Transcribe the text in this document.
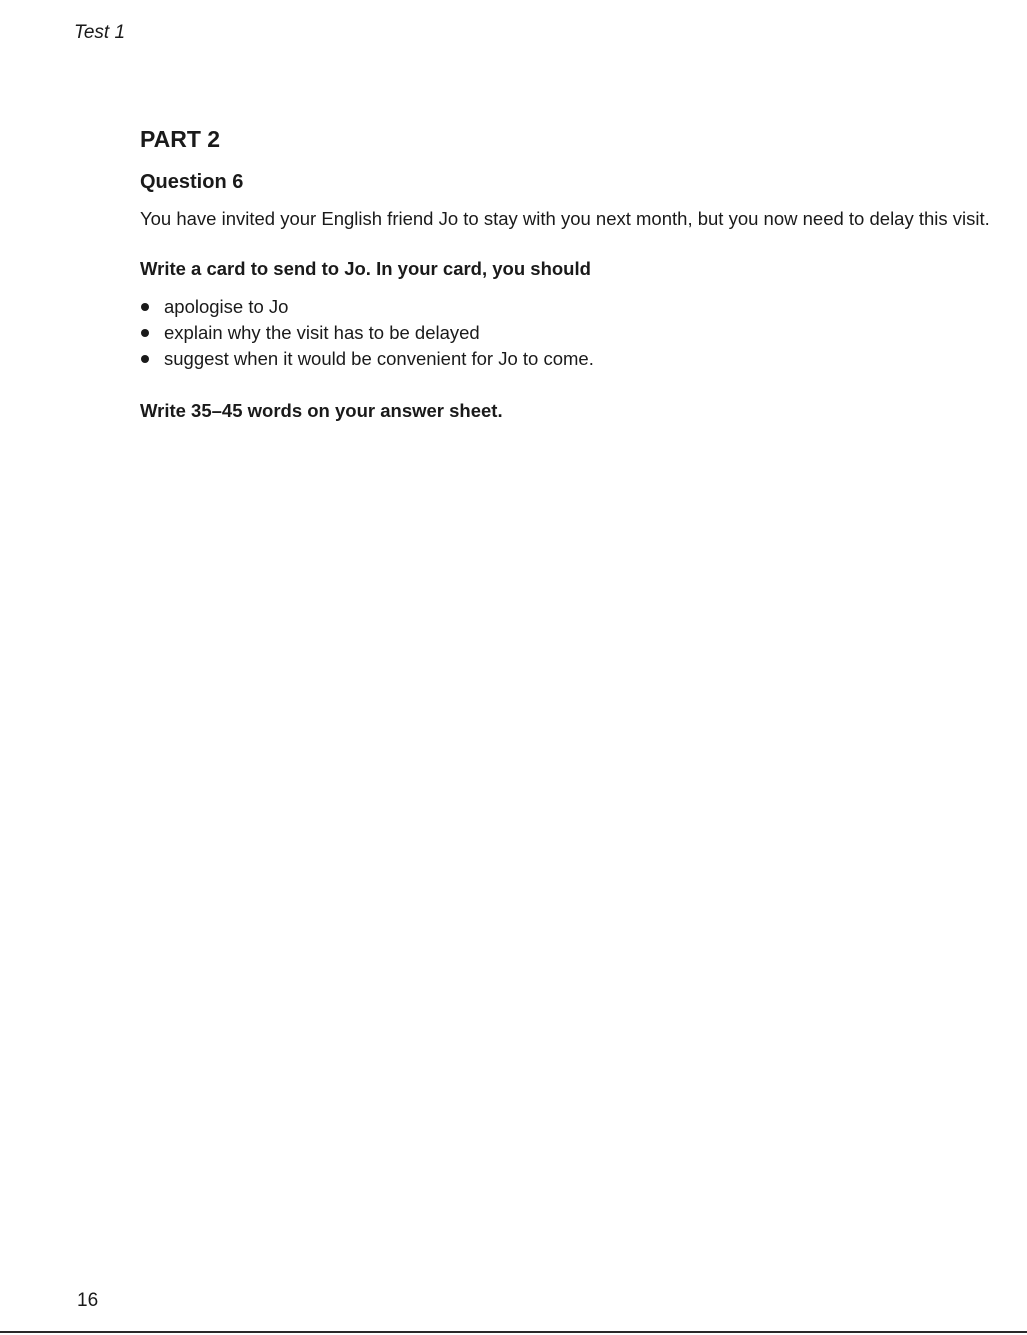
Test 1
PART 2
Question 6

You have invited your English friend Jo to stay with you next month, but you now need to delay this visit.

Write a card to send to Jo. In your card, you should

apologise to Jo
explain why the visit has to be delayed
suggest when it would be convenient for Jo to come.

Write 35–45 words on your answer sheet.

16
